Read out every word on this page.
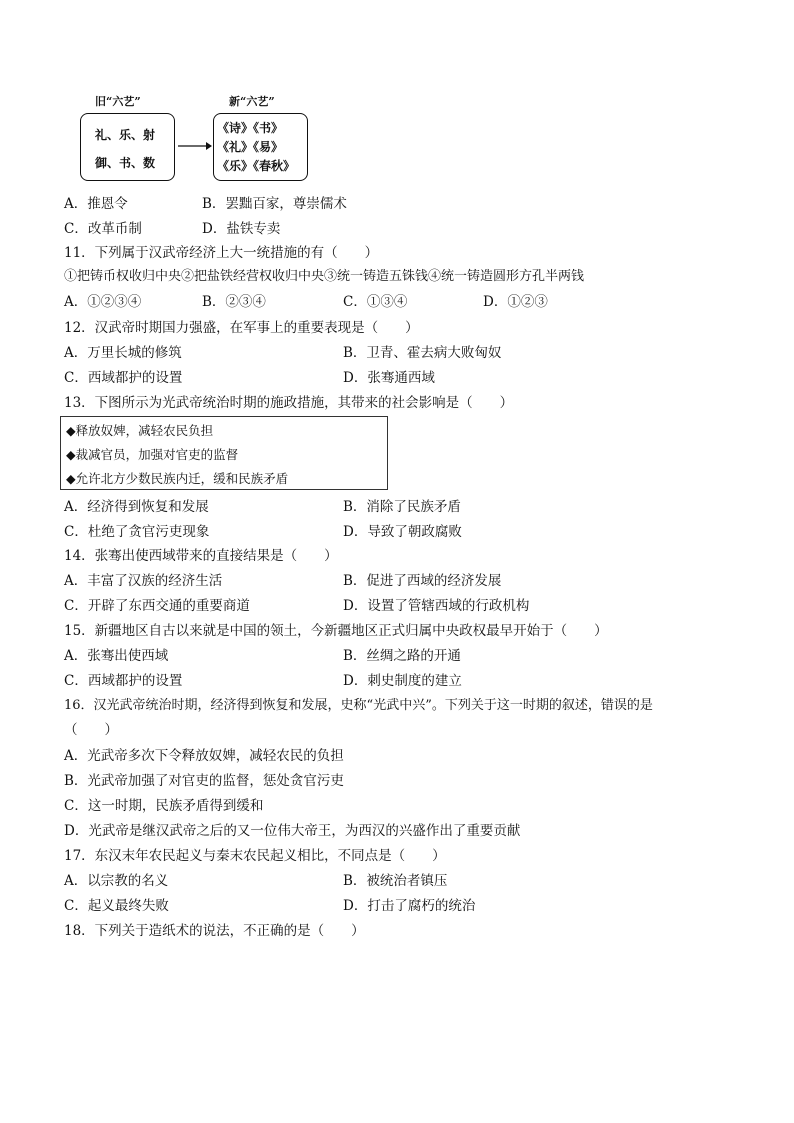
旧“六艺”
礼、乐、射
御、书、数
新“六艺”
《诗》《书》
《礼》《易》
《乐》《春秋》
A．推恩令	B．罢黜百家，尊崇儒术
C．改革币制	D．盐铁专卖
11．下列属于汉武帝经济上大一统措施的有（　　）
①把铸币权收归中央②把盐铁经营权收归中央③统一铸造五铢钱④统一铸造圆形方孔半两钱
A．①②③④	B．②③④	C．①③④	D．①②③
12．汉武帝时期国力强盛，在军事上的重要表现是（　　）
A．万里长城的修筑	B．卫青、霍去病大败匈奴
C．西域都护的设置	D．张骞通西域
13．下图所示为光武帝统治时期的施政措施，其带来的社会影响是（　　）
◆释放奴婢，减轻农民负担
◆裁减官员，加强对官吏的监督
◆允许北方少数民族内迁，缓和民族矛盾
A．经济得到恢复和发展	B．消除了民族矛盾
C．杜绝了贪官污吏现象	D．导致了朝政腐败
14．张骞出使西域带来的直接结果是（　　）
A．丰富了汉族的经济生活	B．促进了西域的经济发展
C．开辟了东西交通的重要商道	D．设置了管辖西域的行政机构
15．新疆地区自古以来就是中国的领土，今新疆地区正式归属中央政权最早开始于（　　）
A．张骞出使西域	B．丝绸之路的开通
C．西域都护的设置	D．刺史制度的建立
16．汉光武帝统治时期，经济得到恢复和发展，史称“光武中兴”。下列关于这一时期的叙述，错误的是
（　　）
A．光武帝多次下令释放奴婢，减轻农民的负担
B．光武帝加强了对官吏的监督，惩处贪官污吏
C．这一时期，民族矛盾得到缓和
D．光武帝是继汉武帝之后的又一位伟大帝王，为西汉的兴盛作出了重要贡献
17．东汉末年农民起义与秦末农民起义相比，不同点是（　　）
A．以宗教的名义	B．被统治者镇压
C．起义最终失败	D．打击了腐朽的统治
18．下列关于造纸术的说法，不正确的是（　　）
